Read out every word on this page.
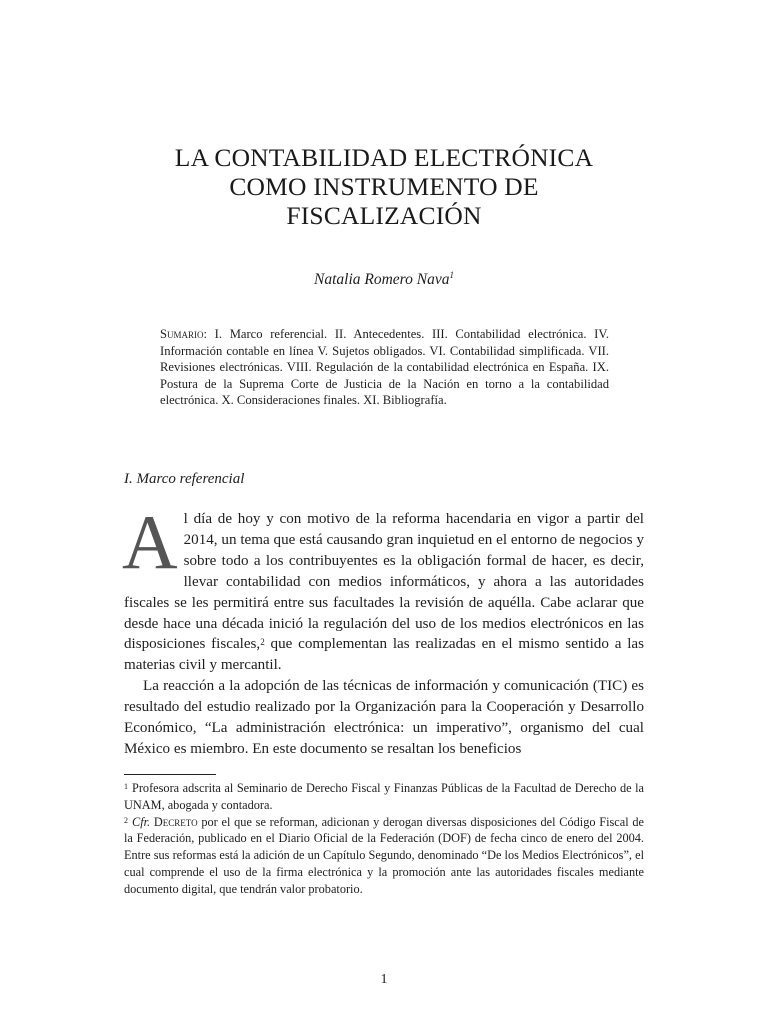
LA CONTABILIDAD ELECTRÓNICA
COMO INSTRUMENTO DE
FISCALIZACIÓN
Natalia Romero Nava$^1$
Sumario: I. Marco referencial. II. Antecedentes. III. Contabilidad electrónica. IV. Información contable en línea V. Sujetos obligados. VI. Contabilidad simplificada. VII. Revisiones electrónicas. VIII. Regulación de la contabilidad electrónica en España. IX. Postura de la Suprema Corte de Justicia de la Nación en torno a la contabilidad electrónica. X. Consideraciones finales. XI. Bibliografía.
I. Marco referencial

Al día de hoy y con motivo de la reforma hacendaria en vigor a partir del 2014, un tema que está causando gran inquietud en el entorno de negocios y sobre todo a los contribuyentes es la obligación formal de hacer, es decir, llevar contabilidad con medios informáticos, y ahora a las autoridades fiscales se les permitirá entre sus facultades la revisión de aquélla. Cabe aclarar que desde hace una década inició la regulación del uso de los medios electrónicos en las disposiciones fiscales,$^2$ que complementan las realizadas en el mismo sentido a las materias civil y mercantil.

La reacción a la adopción de las técnicas de información y comunicación (TIC) es resultado del estudio realizado por la Organización para la Cooperación y Desarrollo Económico, “La administración electrónica: un imperativo”, organismo del cual México es miembro. En este documento se resaltan los beneficios

$^1$ Profesora adscrita al Seminario de Derecho Fiscal y Finanzas Públicas de la Facultad de Derecho de la UNAM, abogada y contadora.

$^2$ Cfr. Decreto por el que se reforman, adicionan y derogan diversas disposiciones del Código Fiscal de la Federación, publicado en el Diario Oficial de la Federación (DOF) de fecha cinco de enero del 2004. Entre sus reformas está la adición de un Capítulo Segundo, denominado “De los Medios Electrónicos”, el cual comprende el uso de la firma electrónica y la promoción ante las autoridades fiscales mediante documento digital, que tendrán valor probatorio.

1
